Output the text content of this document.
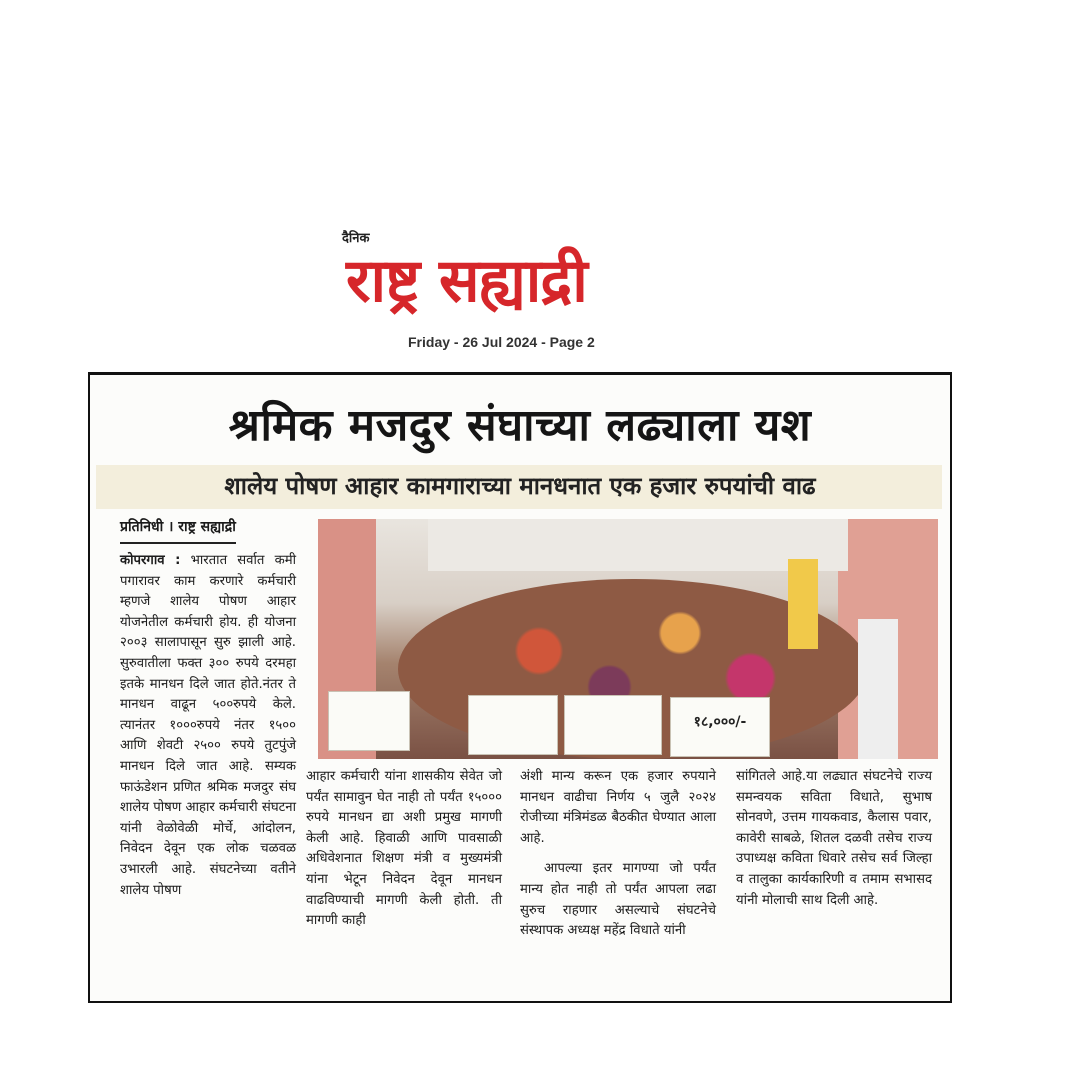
दैनिक
राष्ट्र सह्याद्री
Friday - 26 Jul 2024 - Page 2
श्रमिक मजदुर संघाच्या लढ्याला यश
शालेय पोषण आहार कामगाराच्या मानधनात एक हजार रुपयांची वाढ
प्रतिनिधी । राष्ट्र सह्याद्री

कोपरगाव : भारतात सर्वात कमी पगारावर काम करणारे कर्मचारी म्हणजे शालेय पोषण आहार योजनेतील कर्मचारी होय. ही योजना २००३ सालापासून सुरु झाली आहे. सुरुवातीला फक्त ३०० रुपये दरमहा इतके मानधन दिले जात होते.नंतर ते मानधन वाढून ५००रुपये केले. त्यानंतर १०००रुपये नंतर १५०० आणि शेवटी २५०० रुपये तुटपुंजे मानधन दिले जात आहे. सम्यक फाऊंडेशन प्रणित श्रमिक मजदुर संघ शालेय पोषण आहार कर्मचारी संघटना यांनी वेळोवेळी मोर्चे, आंदोलन, निवेदन देवून एक लोक चळवळ उभारली आहे. संघटनेच्या वतीने शालेय पोषण

१८,०००/-

आहार कर्मचारी यांना शासकीय सेवेत जो पर्यंत सामावुन घेत नाही तो पर्यंत १५००० रुपये मानधन द्या अशी प्रमुख मागणी केली आहे. हिवाळी आणि पावसाळी अधिवेशनात शिक्षण मंत्री व मुख्यमंत्री यांना भेटून निवेदन देवून मानधन वाढविण्याची मागणी केली होती. ती मागणी काही

अंशी मान्य करून एक हजार रुपयाने मानधन वाढीचा निर्णय ५ जुलै २०२४ रोजीच्या मंत्रिमंडळ बैठकीत घेण्यात आला आहे.

आपल्या इतर मागण्या जो पर्यंत मान्य होत नाही तो पर्यंत आपला लढा सुरुच राहणार असल्याचे संघटनेचे संस्थापक अध्यक्ष महेंद्र विधाते यांनी

सांगितले आहे.या लढ्यात संघटनेचे राज्य समन्वयक सविता विधाते, सुभाष सोनवणे, उत्तम गायकवाड, कैलास पवार, कावेरी साबळे, शितल दळवी तसेच राज्य उपाध्यक्ष कविता धिवारे तसेच सर्व जिल्हा व तालुका कार्यकारिणी व तमाम सभासद यांनी मोलाची साथ दिली आहे.
